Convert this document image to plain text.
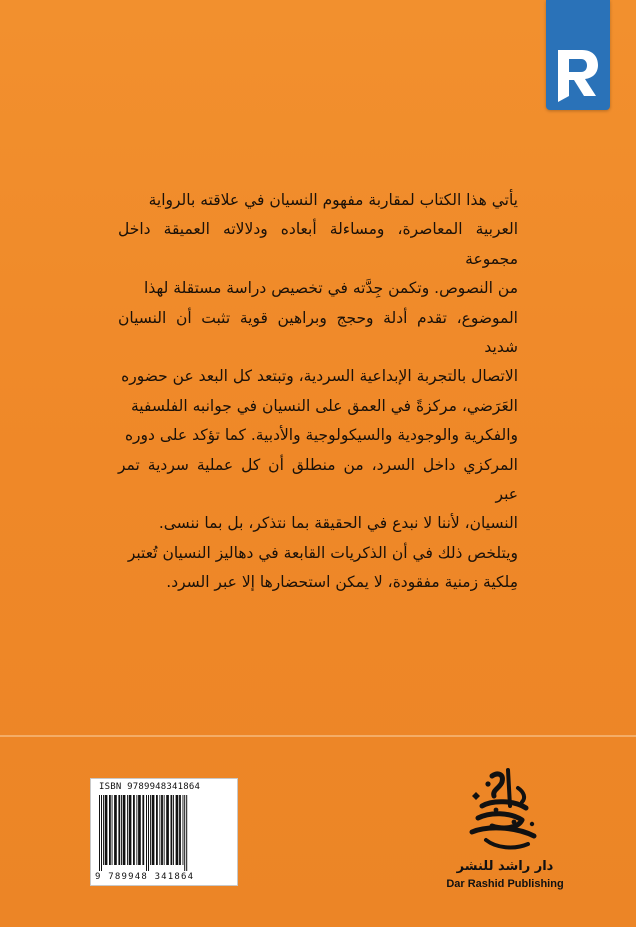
يأتي هذا الكتاب لمقاربة مفهوم النسيان في علاقته بالرواية

العربية المعاصرة، ومساءلة أبعاده ودلالاته العميقة داخل مجموعة

من النصوص. وتكمن جِدَّته في تخصيص دراسة مستقلة لهذا

الموضوع، تقدم أدلة وحجج وبراهين قوية تثبت أن النسيان شديد

الاتصال بالتجربة الإبداعية السردية، وتبتعد كل البعد عن حضوره

العَرَضي، مركزةً في العمق على النسيان في جوانبه الفلسفية

والفكرية والوجودية والسيكولوجية والأدبية. كما تؤكد على دوره

المركزي داخل السرد، من منطلق أن كل عملية سردية تمر عبر

النسيان، لأننا لا نبدع في الحقيقة بما نتذكر، بل بما ننسى.

ويتلخص ذلك في أن الذكريات القابعة في دهاليز النسيان تُعتبر

مِلكية زمنية مفقودة، لا يمكن استحضارها إلا عبر السرد.

ISBN 9789948341864
9 789948 341864
دار راشد للنشر
Dar Rashid Publishing
